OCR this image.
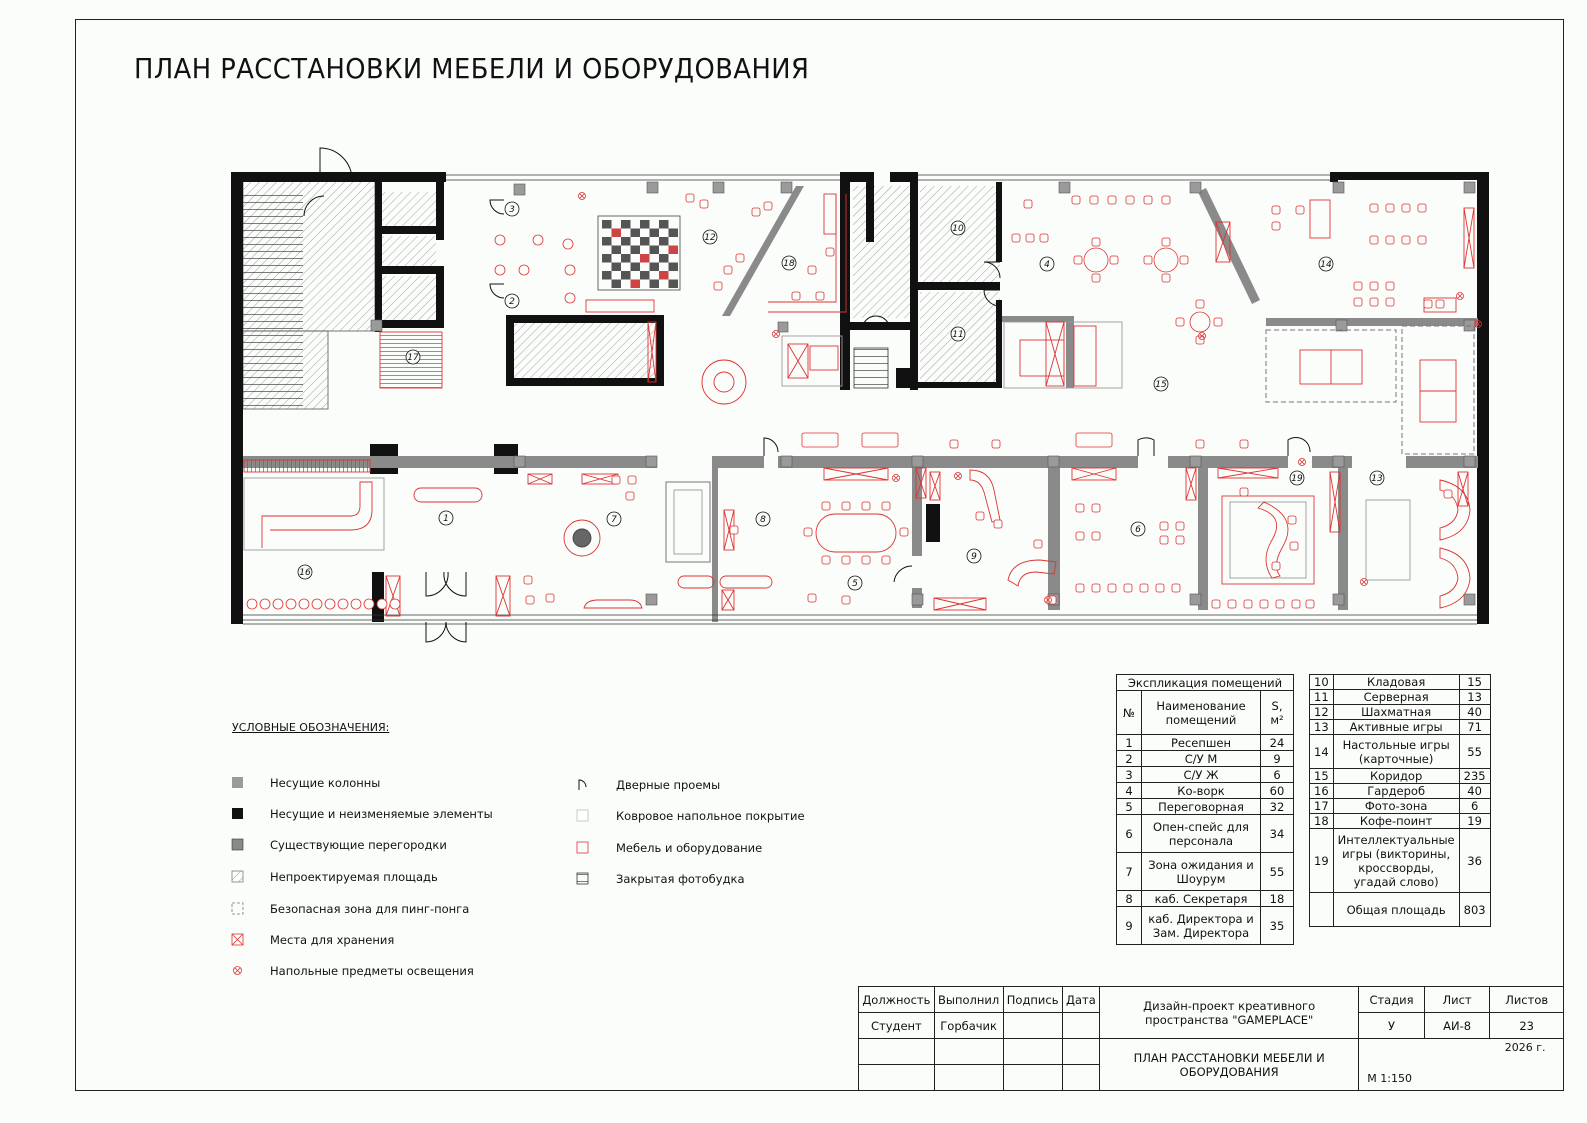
ПЛАН РАССТАНОВКИ МЕБЕЛИ И ОБОРУДОВАНИЯ
1
2
3
4
5
6
7	8
9
10
11
12
13
14
15
16
17
18
19
УСЛОВНЫЕ ОБОЗНАЧЕНИЯ:
Несущие колонны
Несущие и неизменяемые элементы
Существующие перегородки
Непроектируемая площадь
Безопасная зона для пинг-понга
Места для хранения
Напольные предметы освещения
Дверные проемы
Ковровое напольное покрытие
Мебель и оборудование
Закрытая фотобудка
Экспликация помещений		
№	Наименование помещений	S, м²
1	Ресепшен	24
2	С/У М	9
3	С/У Ж	6
4	Ко-ворк	60
5	Переговорная	32
6	Опен-спейс для персонала	34
7	Зона ожидания и Шоурум	55
8	каб. Секретаря	18
9	каб. Директора и Зам. Директора	35
10	Кладовая	15
11	Серверная	13
12	Шахматная	40
13	Активные игры	71
14	Настольные игры (карточные)	55
15	Коридор	235
16	Гардероб	40
17	Фото-зона	6
18	Кофе-поинт	19
19	Интеллектуальные игры (викторины, кроссворды, угадай слово)	36
	Общая площадь	803
Должность	Выполнил	Подпись	Дата	Дизайн-проект креативного пространства "GAMEPLACE"	Стадия	Лист	Листов
Студент	Горбачик				У	АИ-8	23
				ПЛАН РАССТАНОВКИ МЕБЕЛИ И ОБОРУДОВАНИЯ	2026 г.
М 1:150		
